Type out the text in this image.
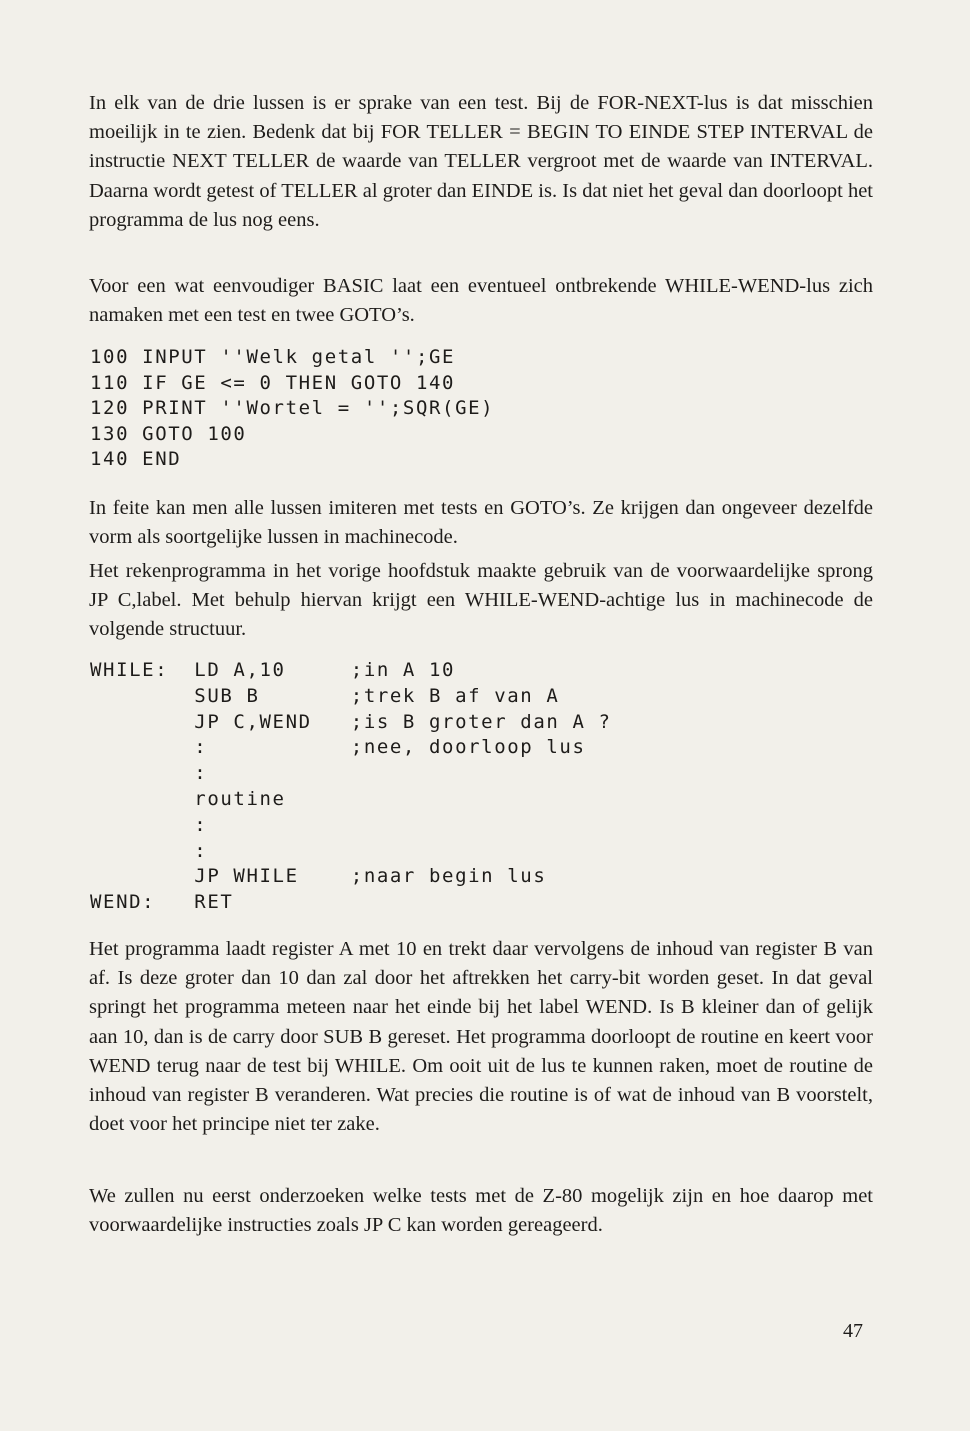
In elk van de drie lussen is er sprake van een test. Bij de FOR-NEXT-lus is dat misschien moeilijk in te zien. Bedenk dat bij FOR TELLER = BEGIN TO EINDE STEP INTERVAL de instructie NEXT TELLER de waarde van TELLER vergroot met de waarde van INTERVAL. Daarna wordt getest of TELLER al groter dan EINDE is. Is dat niet het geval dan doorloopt het programma de lus nog eens.

Voor een wat eenvoudiger BASIC laat een eventueel ontbrekende WHILE-WEND-lus zich namaken met een test en twee GOTO’s.

100 INPUT ''Welk getal '';GE
110 IF GE <= 0 THEN GOTO 140
120 PRINT ''Wortel = '';SQR(GE)
130 GOTO 100
140 END

In feite kan men alle lussen imiteren met tests en GOTO’s. Ze krijgen dan ongeveer dezelfde vorm als soortgelijke lussen in machinecode.

Het rekenprogramma in het vorige hoofdstuk maakte gebruik van de voorwaardelijke sprong JP C,label. Met behulp hiervan krijgt een WHILE-WEND-achtige lus in machinecode de volgende structuur.

WHILE:  LD A,10     ;in A 10
SUB B       ;trek B af van A
JP C,WEND   ;is B groter dan A ?
:           ;nee, doorloop lus
:
routine
:
:
JP WHILE    ;naar begin lus
WEND:   RET

Het programma laadt register A met 10 en trekt daar vervolgens de inhoud van register B van af. Is deze groter dan 10 dan zal door het aftrekken het carry-bit worden geset. In dat geval springt het programma meteen naar het einde bij het label WEND. Is B kleiner dan of gelijk aan 10, dan is de carry door SUB B gereset. Het programma doorloopt de routine en keert voor WEND terug naar de test bij WHILE. Om ooit uit de lus te kunnen raken, moet de routine de inhoud van register B veranderen. Wat precies die routine is of wat de inhoud van B voorstelt, doet voor het principe niet ter zake.

We zullen nu eerst onderzoeken welke tests met de Z-80 mogelijk zijn en hoe daarop met voorwaardelijke instructies zoals JP C kan worden gereageerd.

47
